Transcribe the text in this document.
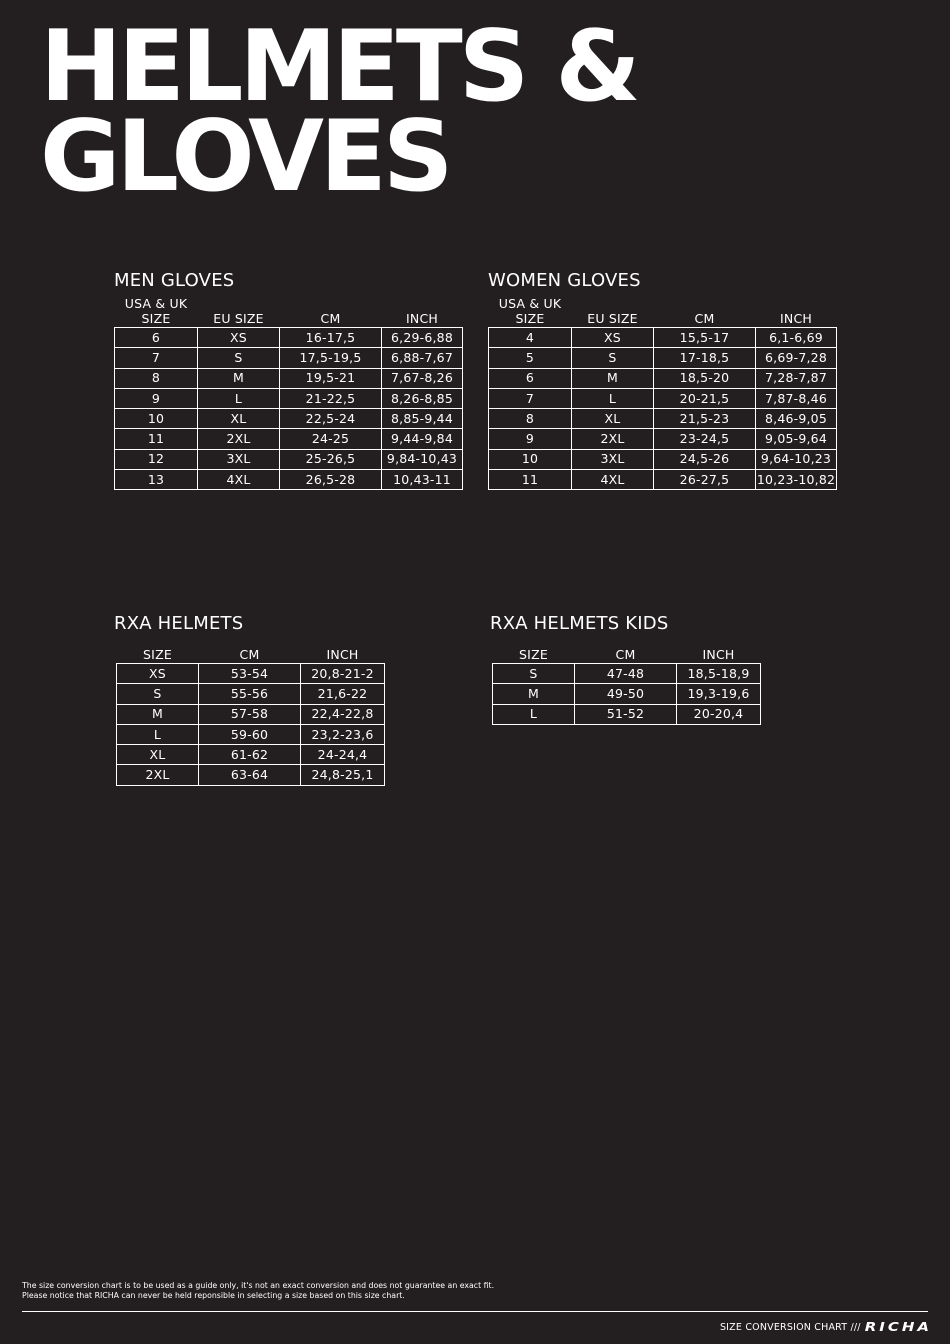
HELMETS &
GLOVES
MEN GLOVES
USA & UK
SIZE	EU SIZE	CM	INCH
6	XS	16-17,5	6,29-6,88
7	S	17,5-19,5	6,88-7,67
8	M	19,5-21	7,67-8,26
9	L	21-22,5	8,26-8,85
10	XL	22,5-24	8,85-9,44
11	2XL	24-25	9,44-9,84
12	3XL	25-26,5	9,84-10,43
13	4XL	26,5-28	10,43-11
WOMEN GLOVES
USA & UK
SIZE	EU SIZE	CM	INCH
4	XS	15,5-17	6,1-6,69
5	S	17-18,5	6,69-7,28
6	M	18,5-20	7,28-7,87
7	L	20-21,5	7,87-8,46
8	XL	21,5-23	8,46-9,05
9	2XL	23-24,5	9,05-9,64
10	3XL	24,5-26	9,64-10,23
11	4XL	26-27,5	10,23-10,82
RXA HELMETS
SIZE	CM	INCH
XS	53-54	20,8-21-2
S	55-56	21,6-22
M	57-58	22,4-22,8
L	59-60	23,2-23,6
XL	61-62	24-24,4
2XL	63-64	24,8-25,1
RXA HELMETS KIDS
SIZE	CM	INCH
S	47-48	18,5-18,9
M	49-50	19,3-19,6
L	51-52	20-20,4

The size conversion chart is to be used as a guide only, it's not an exact conversion and does not guarantee an exact fit.
Please notice that RICHA can never be held reponsible in selecting a size based on this size chart.

SIZE CONVERSION CHART /// RICHA
